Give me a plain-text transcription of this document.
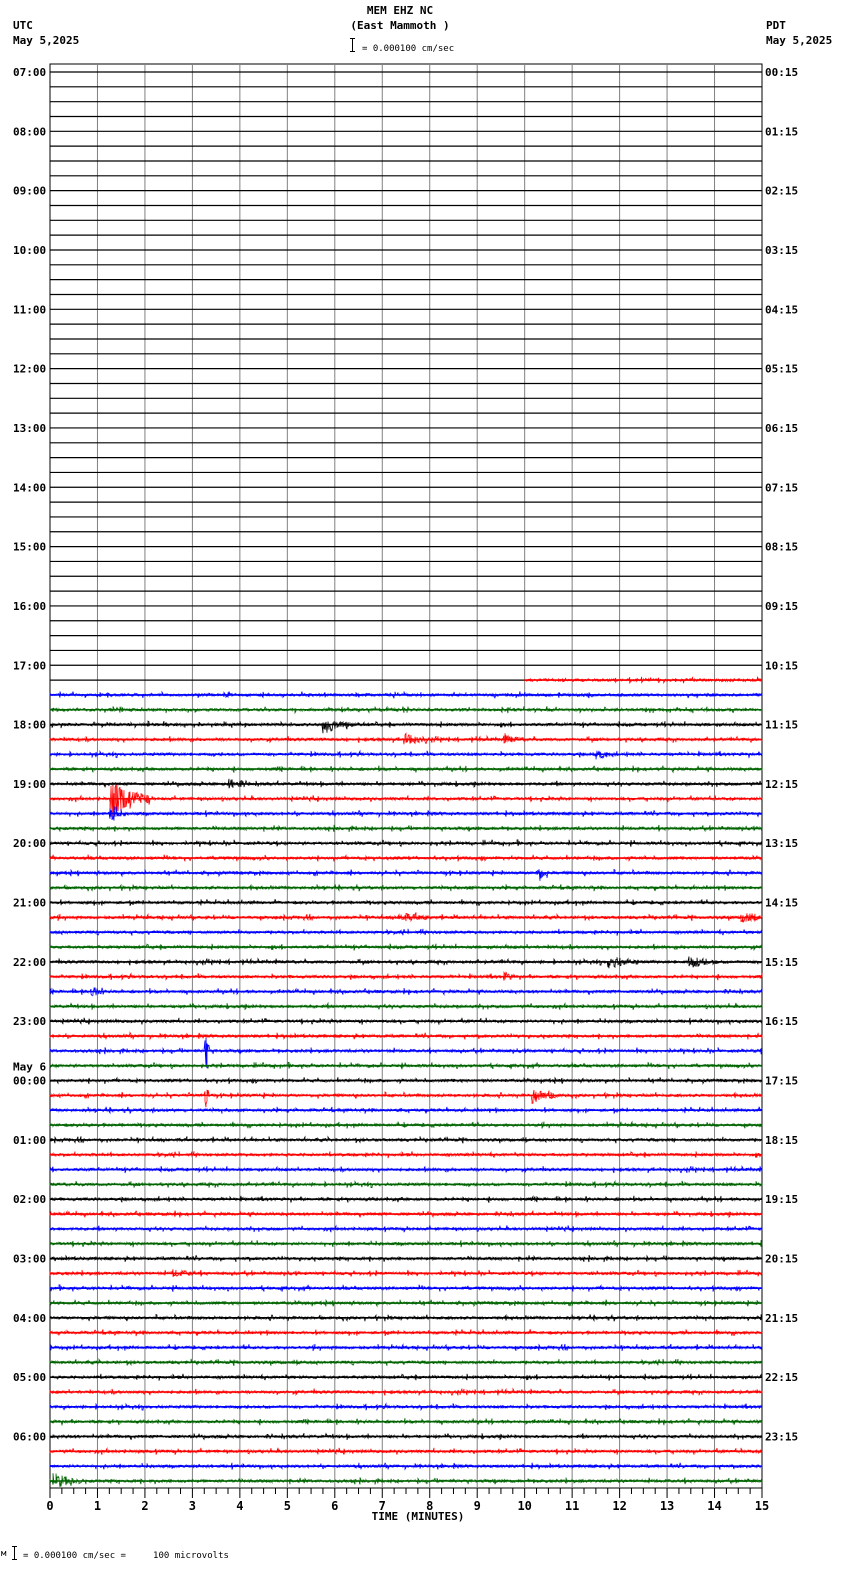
MEM EHZ NC
(East Mammoth )
= 0.000100 cm/sec
UTC
May 5,2025
PDT
May 5,2025
07:00
08:00
09:00
10:00
11:00
12:00
13:00
14:00
15:00
16:00
17:00
18:00
19:00
20:00
21:00
22:00
23:00
May 6
00:00
01:00
02:00
03:00
04:00
05:00
06:00
00:15
01:15
02:15
03:15
04:15
05:15
06:15
07:15
08:15
09:15
10:15
11:15
12:15
13:15
14:15
15:15
16:15
17:15
18:15
19:15
20:15
21:15
22:15
23:15
0	1	2	3	4	5	6	7	8	9	10	11	12	13	14	15
TIME (MINUTES)
м = 0.000100 cm/sec =     100 microvolts
